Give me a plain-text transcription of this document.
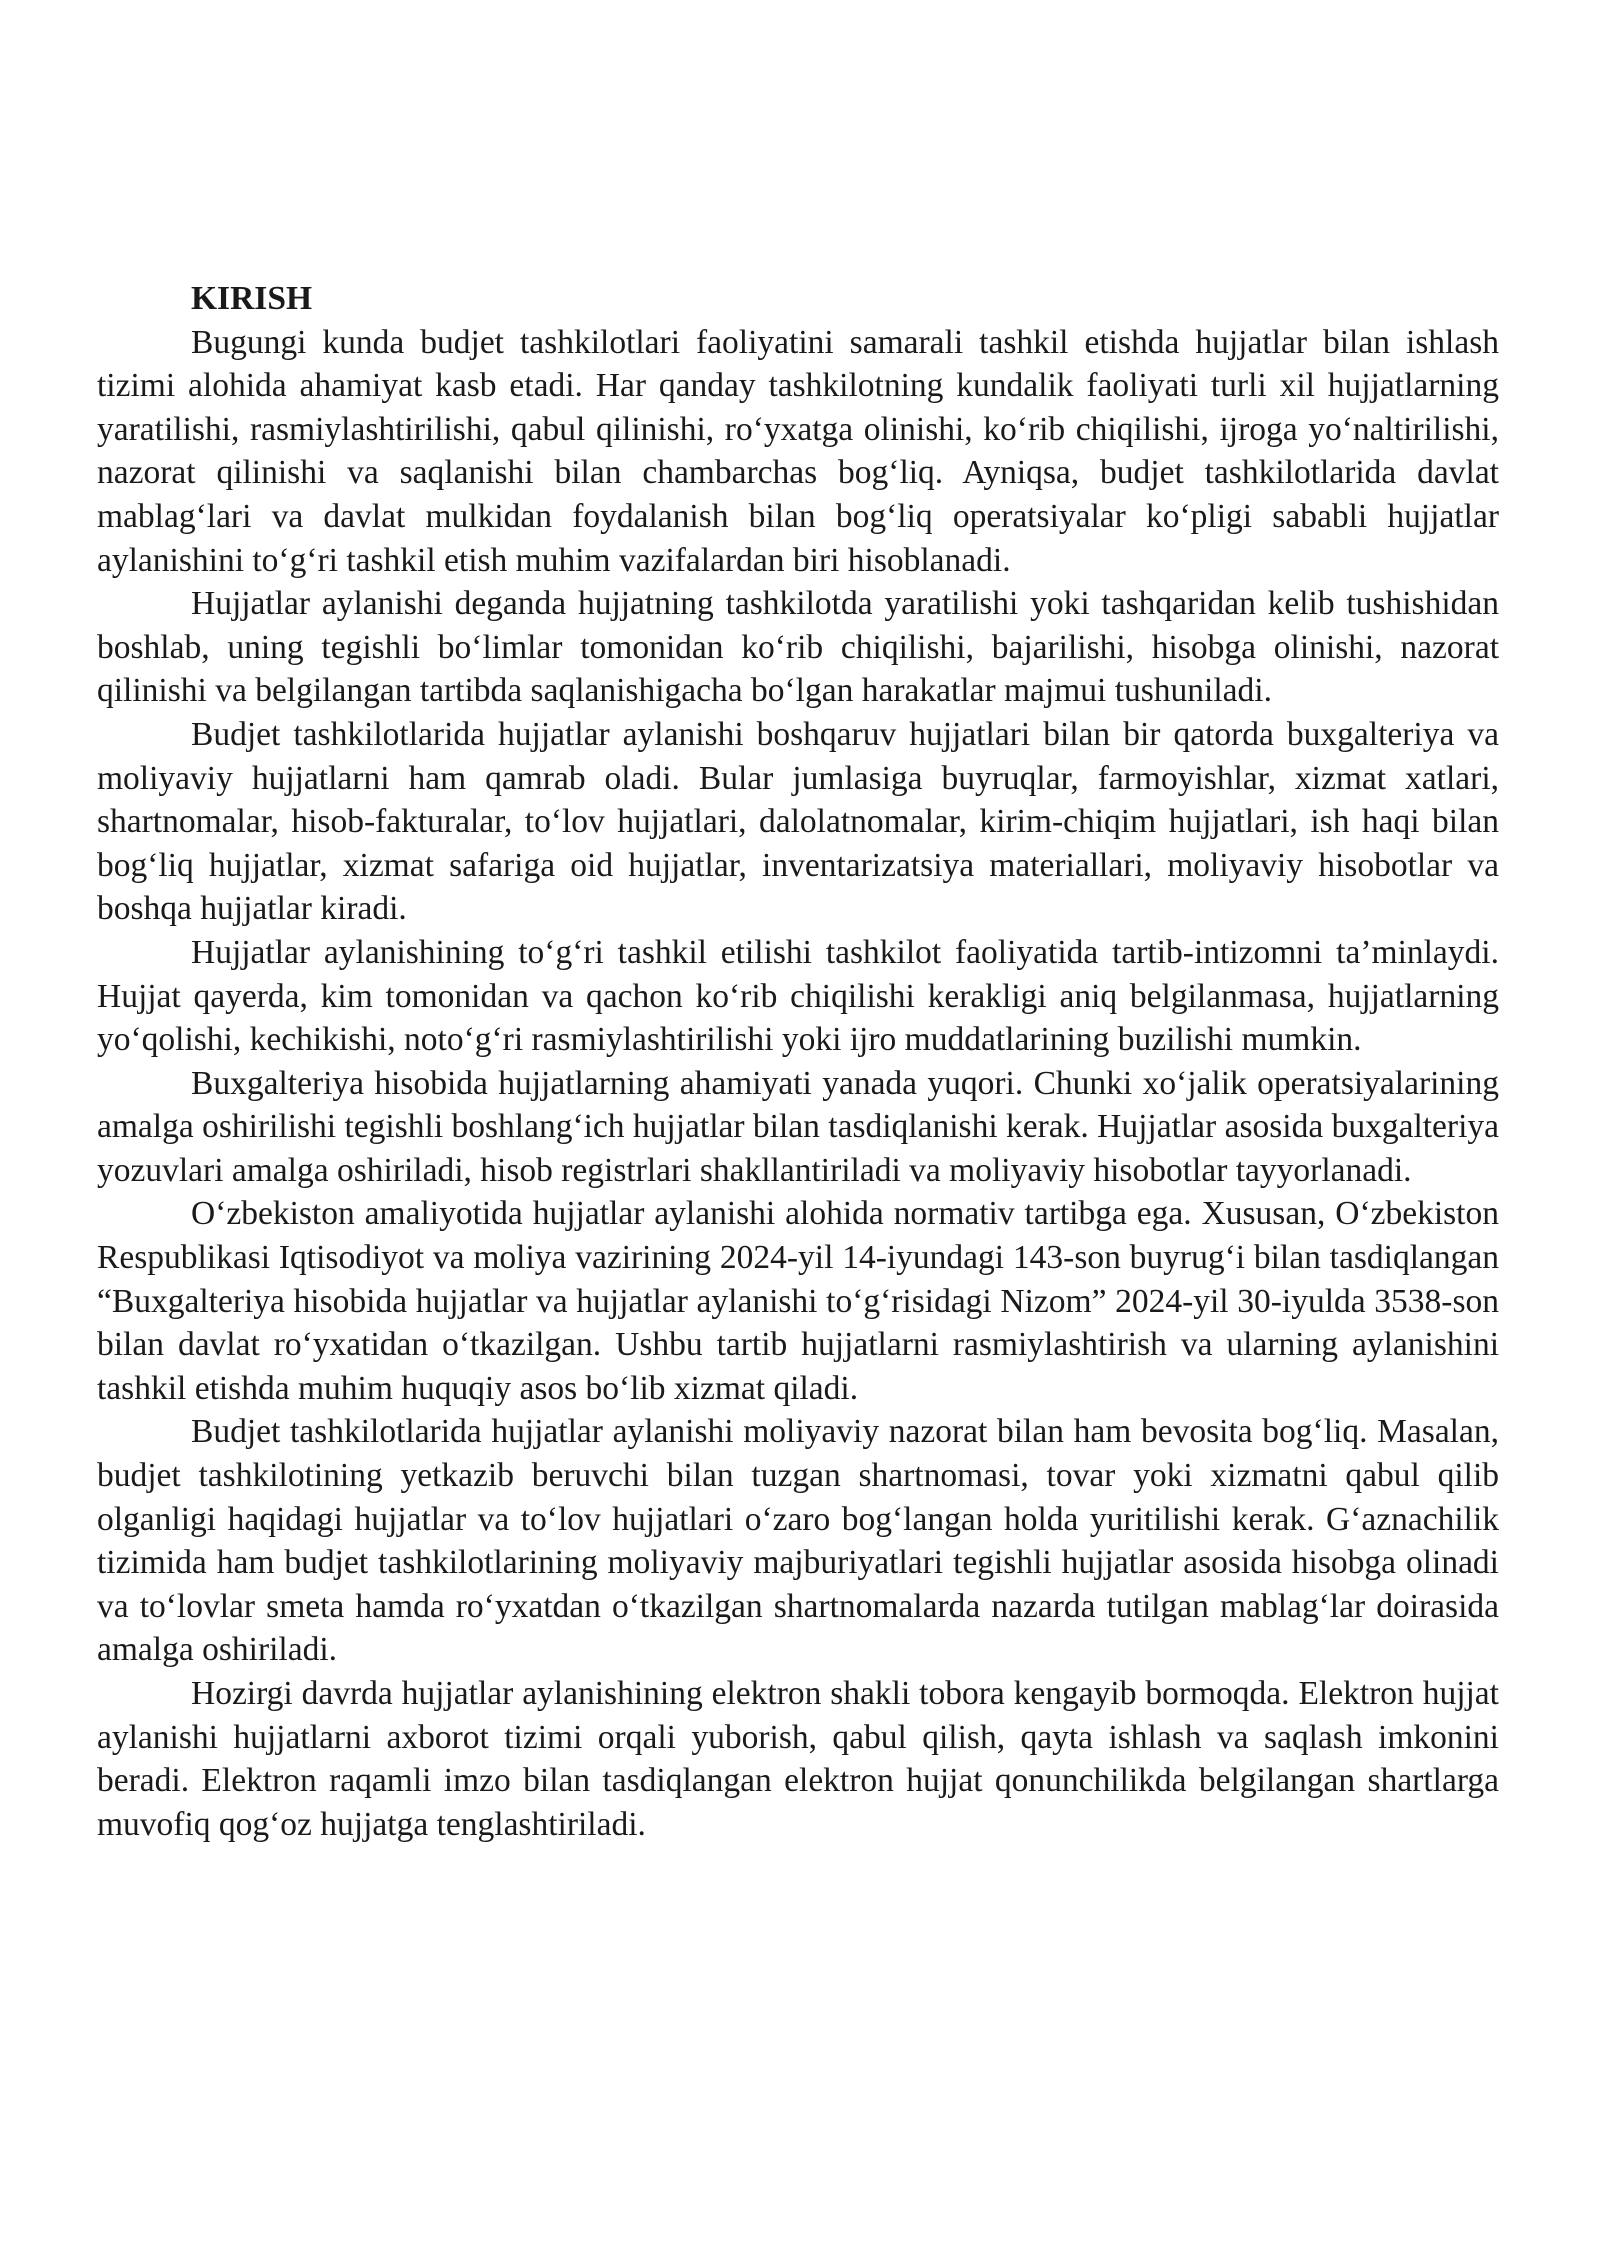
KIRISH

Bugungi kunda budjet tashkilotlari faoliyatini samarali tashkil etishda hujjatlar bilan ishlash tizimi alohida ahamiyat kasb etadi. Har qanday tashkilotning kundalik faoliyati turli xil hujjatlarning yaratilishi, rasmiylashtirilishi, qabul qilinishi, ro‘yxatga olinishi, ko‘rib chiqilishi, ijroga yo‘naltirilishi, nazorat qilinishi va saqlanishi bilan chambarchas bog‘liq. Ayniqsa, budjet tashkilotlarida davlat mablag‘lari va davlat mulkidan foydalanish bilan bog‘liq operatsiyalar ko‘pligi sababli hujjatlar aylanishini to‘g‘ri tashkil etish muhim vazifalardan biri hisoblanadi.

Hujjatlar aylanishi deganda hujjatning tashkilotda yaratilishi yoki tashqaridan kelib tushishidan boshlab, uning tegishli bo‘limlar tomonidan ko‘rib chiqilishi, bajarilishi, hisobga olinishi, nazorat qilinishi va belgilangan tartibda saqlanishigacha bo‘lgan harakatlar majmui tushuniladi.

Budjet tashkilotlarida hujjatlar aylanishi boshqaruv hujjatlari bilan bir qatorda buxgalteriya va moliyaviy hujjatlarni ham qamrab oladi. Bular jumlasiga buyruqlar, farmoyishlar, xizmat xatlari, shartnomalar, hisob-fakturalar, to‘lov hujjatlari, dalolatnomalar, kirim-chiqim hujjatlari, ish haqi bilan bog‘liq hujjatlar, xizmat safariga oid hujjatlar, inventarizatsiya materiallari, moliyaviy hisobotlar va boshqa hujjatlar kiradi.

Hujjatlar aylanishining to‘g‘ri tashkil etilishi tashkilot faoliyatida tartib-intizomni ta’minlaydi. Hujjat qayerda, kim tomonidan va qachon ko‘rib chiqilishi kerakligi aniq belgilanmasa, hujjatlarning yo‘qolishi, kechikishi, noto‘g‘ri rasmiylashtirilishi yoki ijro muddatlarining buzilishi mumkin.

Buxgalteriya hisobida hujjatlarning ahamiyati yanada yuqori. Chunki xo‘jalik operatsiyalarining amalga oshirilishi tegishli boshlang‘ich hujjatlar bilan tasdiqlanishi kerak. Hujjatlar asosida buxgalteriya yozuvlari amalga oshiriladi, hisob registrlari shakllantiriladi va moliyaviy hisobotlar tayyorlanadi.

O‘zbekiston amaliyotida hujjatlar aylanishi alohida normativ tartibga ega. Xususan, O‘zbekiston Respublikasi Iqtisodiyot va moliya vazirining 2024-yil 14-iyundagi 143-son buyrug‘i bilan tasdiqlangan “Buxgalteriya hisobida hujjatlar va hujjatlar aylanishi to‘g‘risidagi Nizom” 2024-yil 30-iyulda 3538-son bilan davlat ro‘yxatidan o‘tkazilgan. Ushbu tartib hujjatlarni rasmiylashtirish va ularning aylanishini tashkil etishda muhim huquqiy asos bo‘lib xizmat qiladi.

Budjet tashkilotlarida hujjatlar aylanishi moliyaviy nazorat bilan ham bevosita bog‘liq. Masalan, budjet tashkilotining yetkazib beruvchi bilan tuzgan shartnomasi, tovar yoki xizmatni qabul qilib olganligi haqidagi hujjatlar va to‘lov hujjatlari o‘zaro bog‘langan holda yuritilishi kerak. G‘aznachilik tizimida ham budjet tashkilotlarining moliyaviy majburiyatlari tegishli hujjatlar asosida hisobga olinadi va to‘lovlar smeta hamda ro‘yxatdan o‘tkazilgan shartnomalarda nazarda tutilgan mablag‘lar doirasida amalga oshiriladi.

Hozirgi davrda hujjatlar aylanishining elektron shakli tobora kengayib bormoqda. Elektron hujjat aylanishi hujjatlarni axborot tizimi orqali yuborish, qabul qilish, qayta ishlash va saqlash imkonini beradi. Elektron raqamli imzo bilan tasdiqlangan elektron hujjat qonunchilikda belgilangan shartlarga muvofiq qog‘oz hujjatga tenglashtiriladi.
